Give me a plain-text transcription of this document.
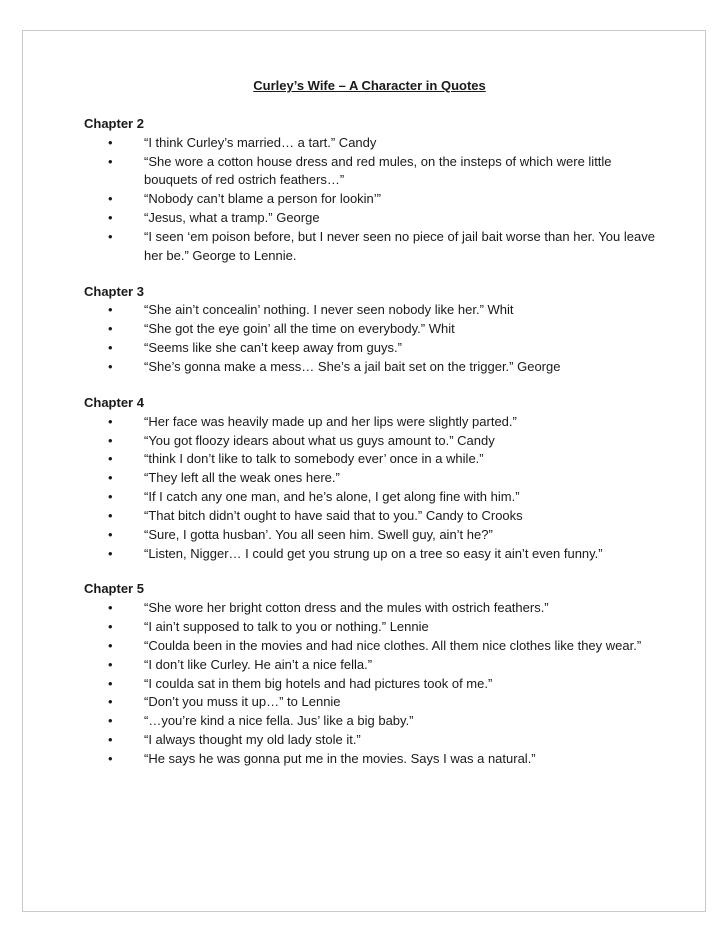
Curley’s Wife – A Character in Quotes
Chapter 2
• “I think Curley’s married… a tart.” Candy
• “She wore a cotton house dress and red mules, on the insteps of which were little bouquets of red ostrich feathers…”
• “Nobody can’t blame a person for lookin’”
• “Jesus, what a tramp.” George
• “I seen ‘em poison before, but I never seen no piece of jail bait worse than her. You leave her be.” George to Lennie.
Chapter 3
• “She ain’t concealin’ nothing. I never seen nobody like her.” Whit
• “She got the eye goin’ all the time on everybody.” Whit
• “Seems like she can’t keep away from guys.”
• “She’s gonna make a mess… She’s a jail bait set on the trigger.” George
Chapter 4
• “Her face was heavily made up and her lips were slightly parted.”
• “You got floozy idears about what us guys amount to.” Candy
• “think I don’t like to talk to somebody ever’ once in a while.”
• “They left all the weak ones here.”
• “If I catch any one man, and he’s alone, I get along fine with him.”
• “That bitch didn’t ought to have said that to you.” Candy to Crooks
• “Sure, I gotta husban’. You all seen him. Swell guy, ain’t he?”
• “Listen, Nigger… I could get you strung up on a tree so easy it ain’t even funny.”
Chapter 5
• “She wore her bright cotton dress and the mules with ostrich feathers.”
• “I ain’t supposed to talk to you or nothing.” Lennie
• “Coulda been in the movies and had nice clothes. All them nice clothes like they wear.”
• “I don’t like Curley. He ain’t a nice fella.”
• “I coulda sat in them big hotels and had pictures took of me.”
• “Don’t you muss it up…” to Lennie
• “…you’re kind a nice fella. Jus’ like a big baby.”
• “I always thought my old lady stole it.”
• “He says he was gonna put me in the movies. Says I was a natural.”
